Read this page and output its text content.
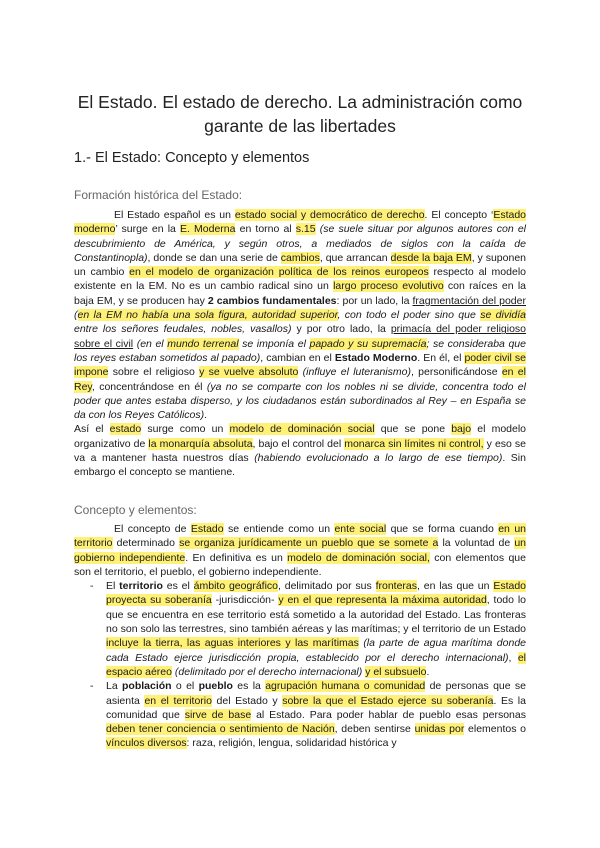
El Estado. El estado de derecho. La administración como garante de las libertades
1.- El Estado: Concepto y elementos
Formación histórica del Estado:

El Estado español es un estado social y democrático de derecho. El concepto ‘Estado moderno’ surge en la E. Moderna en torno al s.15 (se suele situar por algunos autores con el descubrimiento de América, y según otros, a mediados de siglos con la caída de Constantinopla), donde se dan una serie de cambios, que arrancan desde la baja EM, y suponen un cambio en el modelo de organización política de los reinos europeos respecto al modelo existente en la EM. No es un cambio radical sino un largo proceso evolutivo con raíces en la baja EM, y se producen hay 2 cambios fundamentales: por un lado, la fragmentación del poder (en la EM no había una sola figura, autoridad superior, con todo el poder sino que se dividía entre los señores feudales, nobles, vasallos) y por otro lado, la primacía del poder religioso sobre el civil (en el mundo terrenal se imponía el papado y su supremacía; se consideraba que los reyes estaban sometidos al papado), cambian en el Estado Moderno. En él, el poder civil se impone sobre el religioso y se vuelve absoluto (influye el luteranismo), personificándose en el Rey, concentrándose en él (ya no se comparte con los nobles ni se divide, concentra todo el poder que antes estaba disperso, y los ciudadanos están subordinados al Rey – en España se da con los Reyes Católicos).

Así el estado surge como un modelo de dominación social que se pone bajo el modelo organizativo de la monarquía absoluta, bajo el control del monarca sin límites ni control, y eso se va a mantener hasta nuestros días (habiendo evolucionado a lo largo de ese tiempo). Sin embargo el concepto se mantiene.

Concepto y elementos:

El concepto de Estado se entiende como un ente social que se forma cuando en un territorio determinado se organiza jurídicamente un pueblo que se somete a la voluntad de un gobierno independiente. En definitiva es un modelo de dominación social, con elementos que son el territorio, el pueblo, el gobierno independiente.

- El territorio es el ámbito geográfico, delimitado por sus fronteras, en las que un Estado proyecta su soberanía -jurisdicción- y en el que representa la máxima autoridad, todo lo que se encuentra en ese territorio está sometido a la autoridad del Estado. Las fronteras no son solo las terrestres, sino también aéreas y las marítimas; y el territorio de un Estado incluye la tierra, las aguas interiores y las marítimas (la parte de agua marítima donde cada Estado ejerce jurisdicción propia, establecido por el derecho internacional), el espacio aéreo (delimitado por el derecho internacional) y el subsuelo.
- La población o el pueblo es la agrupación humana o comunidad de personas que se asienta en el territorio del Estado y sobre la que el Estado ejerce su soberanía. Es la comunidad que sirve de base al Estado. Para poder hablar de pueblo esas personas deben tener conciencia o sentimiento de Nación, deben sentirse unidas por elementos o vínculos diversos: raza, religión, lengua, solidaridad histórica y
